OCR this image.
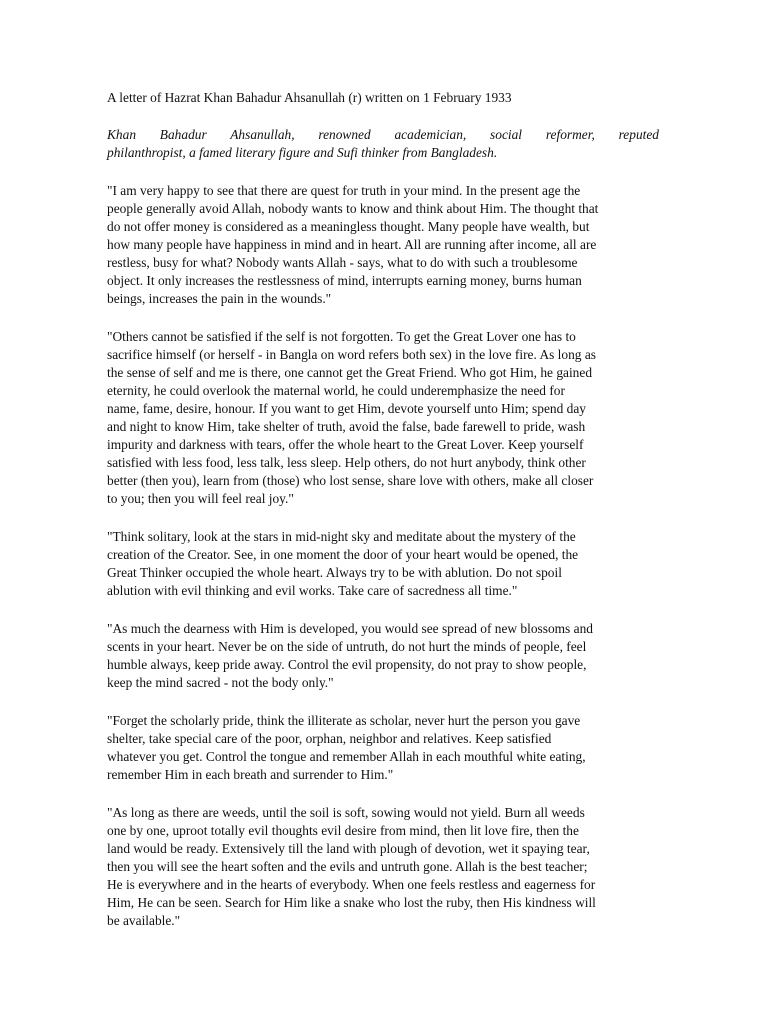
A letter of Hazrat Khan Bahadur Ahsanullah (r) written on 1 February 1933
Khan Bahadur Ahsanullah, renowned academician, social reformer, reputed
philanthropist, a famed literary figure and Sufi thinker from Bangladesh.
"I am very happy to see that there are quest for truth in your mind. In the present age the
people generally avoid Allah, nobody wants to know and think about Him. The thought that
do not offer money is considered as a meaningless thought. Many people have wealth, but
how many people have happiness in mind and in heart. All are running after income, all are
restless, busy for what? Nobody wants Allah - says, what to do with such a troublesome
object. It only increases the restlessness of mind, interrupts earning money, burns human
beings, increases the pain in the wounds."
"Others cannot be satisfied if the self is not forgotten. To get the Great Lover one has to
sacrifice himself (or herself - in Bangla on word refers both sex) in the love fire. As long as
the sense of self and me is there, one cannot get the Great Friend. Who got Him, he gained
eternity, he could overlook the maternal world, he could underemphasize the need for
name, fame, desire, honour. If you want to get Him, devote yourself unto Him; spend day
and night to know Him, take shelter of truth, avoid the false, bade farewell to pride, wash
impurity and darkness with tears, offer the whole heart to the Great Lover. Keep yourself
satisfied with less food, less talk, less sleep. Help others, do not hurt anybody, think other
better (then you), learn from (those) who lost sense, share love with others, make all closer
to you; then you will feel real joy."
"Think solitary, look at the stars in mid-night sky and meditate about the mystery of the
creation of the Creator. See, in one moment the door of your heart would be opened, the
Great Thinker occupied the whole heart. Always try to be with ablution. Do not spoil
ablution with evil thinking and evil works. Take care of sacredness all time."
"As much the dearness with Him is developed, you would see spread of new blossoms and
scents in your heart. Never be on the side of untruth, do not hurt the minds of people, feel
humble always, keep pride away. Control the evil propensity, do not pray to show people,
keep the mind sacred - not the body only."
"Forget the scholarly pride, think the illiterate as scholar, never hurt the person you gave
shelter, take special care of the poor, orphan, neighbor and relatives. Keep satisfied
whatever you get. Control the tongue and remember Allah in each mouthful white eating,
remember Him in each breath and surrender to Him."
"As long as there are weeds, until the soil is soft, sowing would not yield. Burn all weeds
one by one, uproot totally evil thoughts evil desire from mind, then lit love fire, then the
land would be ready. Extensively till the land with plough of devotion, wet it spaying tear,
then you will see the heart soften and the evils and untruth gone. Allah is the best teacher;
He is everywhere and in the hearts of everybody. When one feels restless and eagerness for
Him, He can be seen. Search for Him like a snake who lost the ruby, then His kindness will
be available."
